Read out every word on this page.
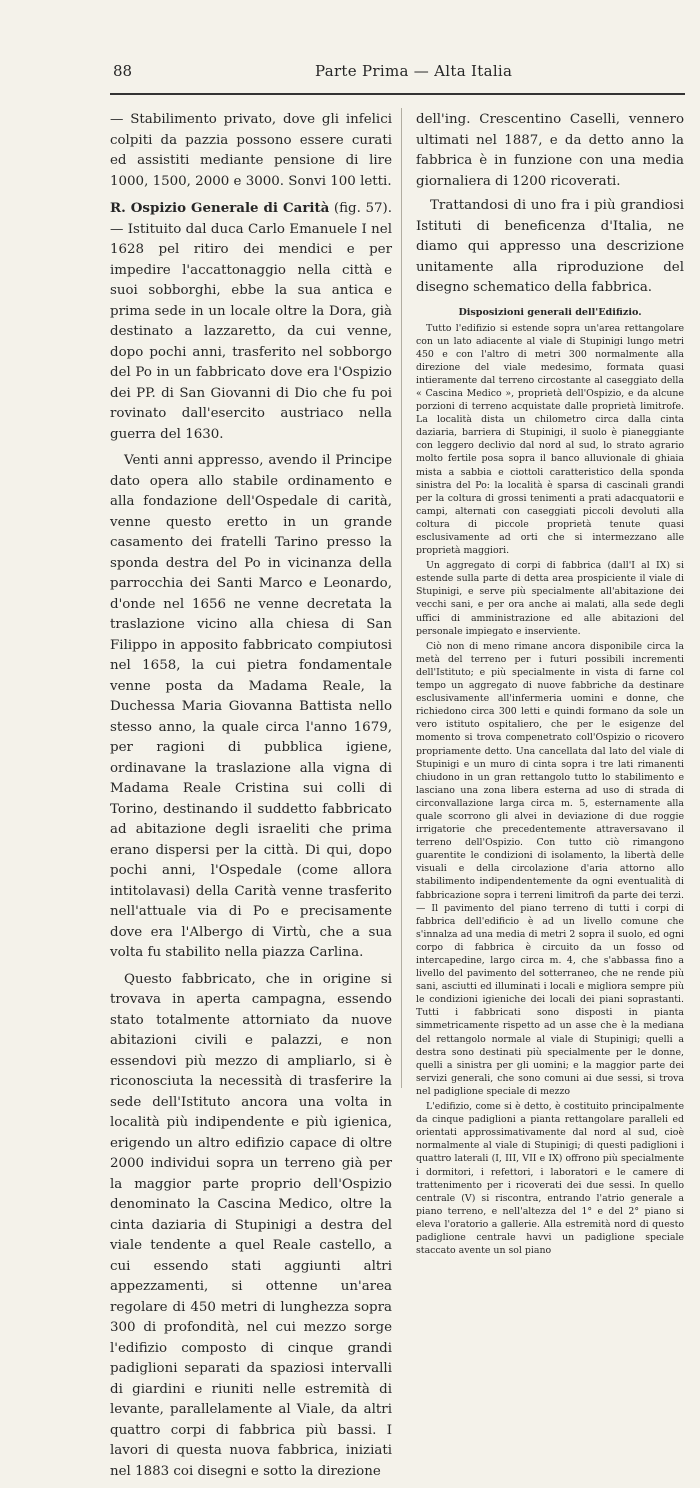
88	Parte Prima — Alta Italia

— Stabilimento privato, dove gli infelici colpiti da pazzia possono essere curati ed assistiti mediante pensione di lire 1000, 1500, 2000 e 3000. Sonvi 100 letti.

R. Ospizio Generale di Carità (fig. 57). — Istituito dal duca Carlo Emanuele I nel 1628 pel ritiro dei mendici e per impedire l'accattonaggio nella città e suoi sobborghi, ebbe la sua antica e prima sede in un locale oltre la Dora, già destinato a lazzaretto, da cui venne, dopo pochi anni, trasferito nel sobborgo del Po in un fabbricato dove era l'Ospizio dei PP. di San Giovanni di Dio che fu poi rovinato dall'esercito austriaco nella guerra del 1630.

Venti anni appresso, avendo il Principe dato opera allo stabile ordinamento e alla fondazione dell'Ospedale di carità, venne questo eretto in un grande casamento dei fratelli Tarino presso la sponda destra del Po in vicinanza della parrocchia dei Santi Marco e Leonardo, d'onde nel 1656 ne venne decretata la traslazione vicino alla chiesa di San Filippo in apposito fabbricato compiutosi nel 1658, la cui pietra fondamentale venne posta da Madama Reale, la Duchessa Maria Giovanna Battista nello stesso anno, la quale circa l'anno 1679, per ragioni di pubblica igiene, ordinavane la traslazione alla vigna di Madama Reale Cristina sui colli di Torino, destinando il suddetto fabbricato ad abitazione degli israeliti che prima erano dispersi per la città. Di qui, dopo pochi anni, l'Ospedale (come allora intitolavasi) della Carità venne trasferito nell'attuale via di Po e precisamente dove era l'Albergo di Virtù, che a sua volta fu stabilito nella piazza Carlina.

Questo fabbricato, che in origine si trovava in aperta campagna, essendo stato totalmente attorniato da nuove abitazioni civili e palazzi, e non essendovi più mezzo di ampliarlo, si è riconosciuta la necessità di trasferire la sede dell'Istituto ancora una volta in località più indipendente e più igienica, erigendo un altro edifizio capace di oltre 2000 individui sopra un terreno già per la maggior parte proprio dell'Ospizio denominato la Cascina Medico, oltre la cinta daziaria di Stupinigi a destra del viale tendente a quel Reale castello, a cui essendo stati aggiunti altri appezzamenti, si ottenne un'area regolare di 450 metri di lunghezza sopra 300 di profondità, nel cui mezzo sorge l'edifizio composto di cinque grandi padiglioni separati da spaziosi intervalli di giardini e riuniti nelle estremità di levante, parallelamente al Viale, da altri quattro corpi di fabbrica più bassi. I lavori di questa nuova fabbrica, iniziati nel 1883 coi disegni e sotto la direzione

dell'ing. Crescentino Caselli, vennero ultimati nel 1887, e da detto anno la fabbrica è in funzione con una media giornaliera di 1200 ricoverati.

Trattandosi di uno fra i più grandiosi Istituti di beneficenza d'Italia, ne diamo qui appresso una descrizione unitamente alla riproduzione del disegno schematico della fabbrica.

Disposizioni generali dell'Edifizio.

Tutto l'edifizio si estende sopra un'area rettangolare con un lato adiacente al viale di Stupinigi lungo metri 450 e con l'altro di metri 300 normalmente alla direzione del viale medesimo, formata quasi intieramente dal terreno circostante al caseggiato della « Cascina Medico », proprietà dell'Ospizio, e da alcune porzioni di terreno acquistate dalle proprietà limitrofe. La località dista un chilometro circa dalla cinta daziaria, barriera di Stupinigi, il suolo è pianeggiante con leggero declivio dal nord al sud, lo strato agrario molto fertile posa sopra il banco alluvionale di ghiaia mista a sabbia e ciottoli caratteristico della sponda sinistra del Po: la località è sparsa di cascinali grandi per la coltura di grossi tenimenti a prati adacquatorii e campi, alternati con caseggiati piccoli devoluti alla coltura di piccole proprietà tenute quasi esclusivamente ad orti che si intermezzano alle proprietà maggiori.

Un aggregato di corpi di fabbrica (dall'I al IX) si estende sulla parte di detta area prospiciente il viale di Stupinigi, e serve più specialmente all'abitazione dei vecchi sani, e per ora anche ai malati, alla sede degli uffici di amministrazione ed alle abitazioni del personale impiegato e inserviente.

Ciò non di meno rimane ancora disponibile circa la metà del terreno per i futuri possibili incrementi dell'Istituto; e più specialmente in vista di farne col tempo un aggregato di nuove fabbriche da destinare esclusivamente all'infermeria uomini e donne, che richiedono circa 300 letti e quindi formano da sole un vero istituto ospitaliero, che per le esigenze del momento si trova compenetrato coll'Ospizio o ricovero propriamente detto. Una cancellata dal lato del viale di Stupinigi e un muro di cinta sopra i tre lati rimanenti chiudono in un gran rettangolo tutto lo stabilimento e lasciano una zona libera esterna ad uso di strada di circonvallazione larga circa m. 5, esternamente alla quale scorrono gli alvei in deviazione di due roggie irrigatorie che precedentemente attraversavano il terreno dell'Ospizio. Con tutto ciò rimangono guarentite le condizioni di isolamento, la libertà delle visuali e della circolazione d'aria attorno allo stabilimento indipendentemente da ogni eventualità di fabbricazione sopra i terreni limitrofi da parte dei terzi. — Il pavimento del piano terreno di tutti i corpi di fabbrica dell'edificio è ad un livello comune che s'innalza ad una media di metri 2 sopra il suolo, ed ogni corpo di fabbrica è circuito da un fosso od intercapedine, largo circa m. 4, che s'abbassa fino a livello del pavimento del sotterraneo, che ne rende più sani, asciutti ed illuminati i locali e migliora sempre più le condizioni igieniche dei locali dei piani soprastanti. Tutti i fabbricati sono disposti in pianta simmetricamente rispetto ad un asse che è la mediana del rettangolo normale al viale di Stupinigi; quelli a destra sono destinati più specialmente per le donne, quelli a sinistra per gli uomini; e la maggior parte dei servizi generali, che sono comuni ai due sessi, si trova nel padiglione speciale di mezzo

L'edifizio, come si è detto, è costituito principalmente da cinque padiglioni a pianta rettangolare paralleli ed orientati approssimativamente dal nord al sud, cioè normalmente al viale di Stupinigi; di questi padiglioni i quattro laterali (I, III, VII e IX) offrono più specialmente i dormitori, i refettori, i laboratori e le camere di trattenimento per i ricoverati dei due sessi. In quello centrale (V) si riscontra, entrando l'atrio generale a piano terreno, e nell'altezza del 1° e del 2° piano si eleva l'oratorio a gallerie. Alla estremità nord di questo padiglione centrale havvi un padiglione speciale staccato avente un sol piano
